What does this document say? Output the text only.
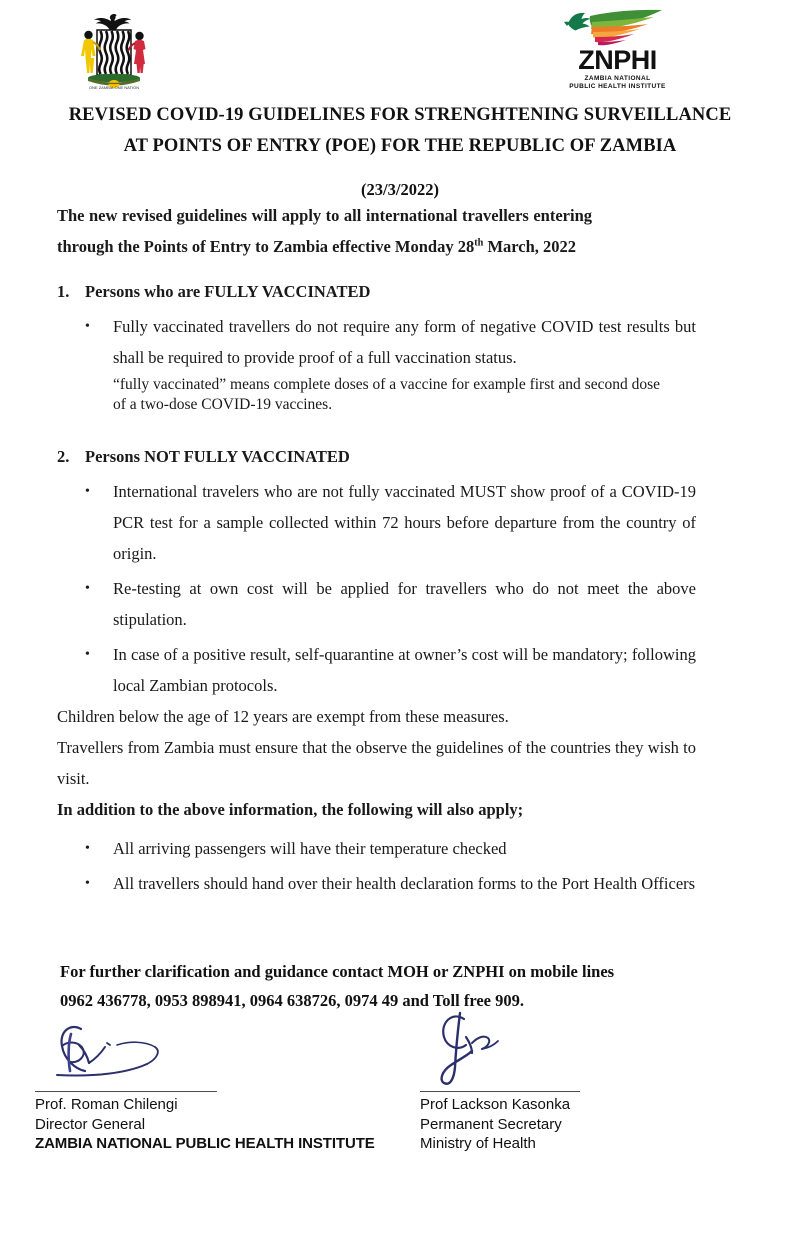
ONE ZAMBIA ONE NATION
ZNPHI
ZAMBIA NATIONAL
PUBLIC HEALTH INSTITUTE
REVISED COVID-19 GUIDELINES FOR STRENGHTENING SURVEILLANCE
AT POINTS OF ENTRY (POE) FOR THE REPUBLIC OF ZAMBIA
(23/3/2022)

The new revised guidelines will apply to all international travellers entering through the Points of Entry to Zambia effective Monday 28th March, 2022

1. Persons who are FULLY VACCINATED
•	Fully vaccinated travellers do not require any form of negative COVID test results but shall be required to provide proof of a full vaccination status.
“fully vaccinated” means complete doses of a vaccine for example first and second dose of a two-dose COVID-19 vaccines.
2. Persons NOT FULLY VACCINATED
•	International travelers who are not fully vaccinated MUST show proof of a COVID-19 PCR test for a sample collected within 72 hours before departure from the country of origin.
•	Re-testing at own cost will be applied for travellers who do not meet the above stipulation.
•	In case of a positive result, self-quarantine at owner’s cost will be mandatory; following local Zambian protocols.

Children below the age of 12 years are exempt from these measures.

Travellers from Zambia must ensure that the observe the guidelines of the countries they wish to visit.

In addition to the above information, the following will also apply;

•	All arriving passengers will have their temperature checked
•	All travellers should hand over their health declaration forms to the Port Health Officers
For further clarification and guidance contact MOH or ZNPHI on mobile lines
0962 436778, 0953 898941, 0964 638726, 0974 49 and Toll free 909.
Prof. Roman Chilengi
Director General
ZAMBIA NATIONAL PUBLIC HEALTH INSTITUTE
Prof Lackson Kasonka
Permanent Secretary
Ministry of Health
